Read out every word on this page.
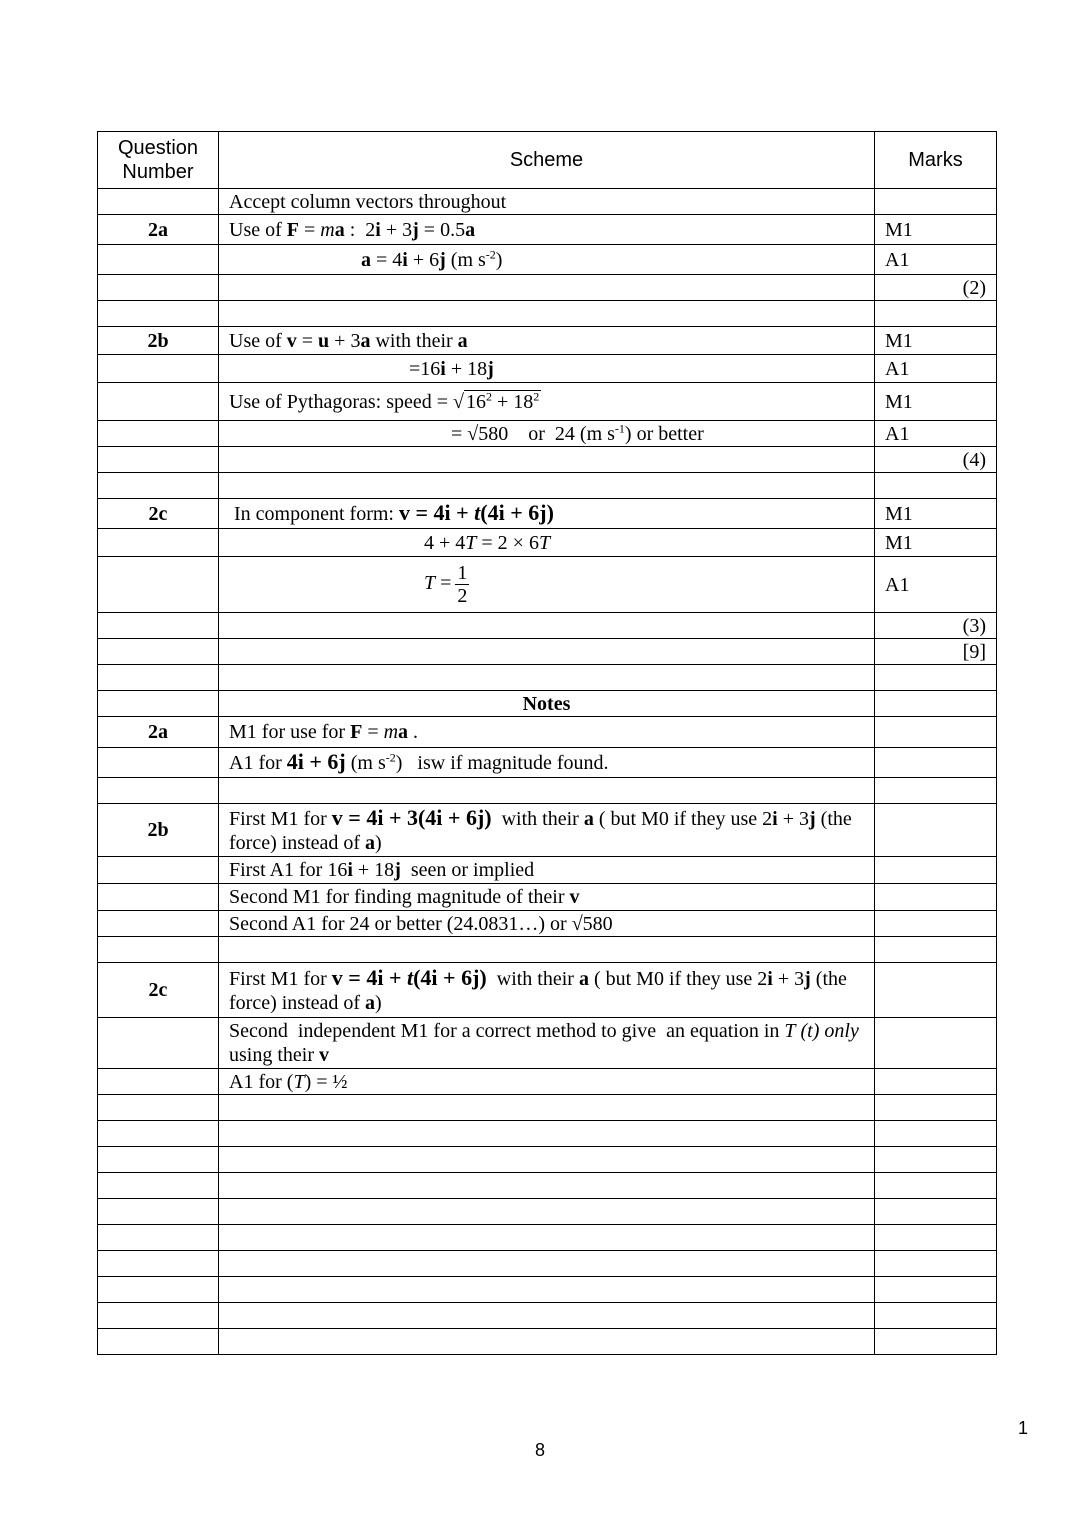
Question Number	Scheme	Marks
	Accept column vectors throughout	
2a	Use of F = ma :  2i + 3j = 0.5a	M1
	a = 4i + 6j (m $s^{-2}$)	A1
		(2)

2b	Use of v = u + 3a with their a	M1
	=16i + 18j	A1
	Use of Pythagoras: speed = √ $16^2 + 18^2$	M1
	= √580    or  24 (m $s^{-1}$) or better	A1
		(4)

2c	In component form: v = 4i + t(4i + 6j)	M1
	4 + 4T = 2 × 6T	M1
	$T = \frac{1}{2}$	A1
		(3)
		[9]

	Notes	
2a	M1 for use for F = ma .	
	A1 for 4i + 6j (m $s^{-2}$)   isw if magnitude found.	

2b	First M1 for v = 4i + 3(4i + 6j)  with their a ( but M0 if they use 2i + 3j (the force) instead of a)	
	First A1 for 16i + 18j  seen or implied	
	Second M1 for finding magnitude of their v	
	Second A1 for 24 or better (24.0831…) or √580	

2c	First M1 for v = 4i + t(4i + 6j)  with their a ( but M0 if they use 2i + 3j (the force) instead of a)	
	Second  independent M1 for a correct method to give  an equation in T (t) only  using their v	
	A1 for (T) = ½	

1
8
